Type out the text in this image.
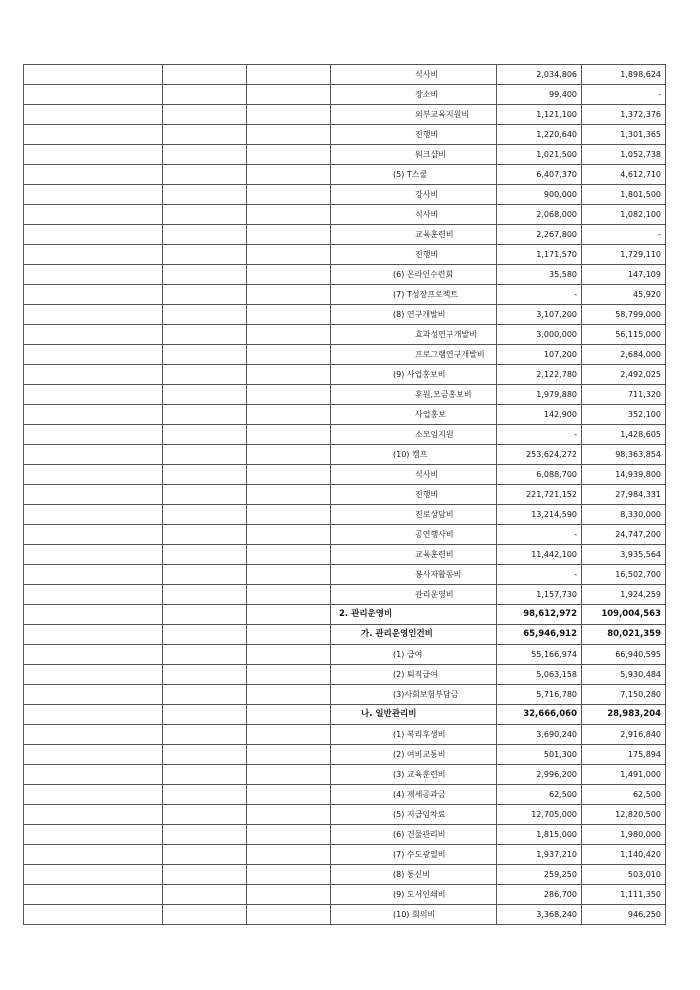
			식사비	2,034,806	1,898,624
			장소비	99,400	-
			외부교육지원비	1,121,100	1,372,376
			진행비	1,220,640	1,301,365
			워크샵비	1,021,500	1,052,738
			(5) T스쿨	6,407,370	4,612,710
			강사비	900,000	1,801,500
			식사비	2,068,000	1,082,100
			교육훈련비	2,267,800	-
			진행비	1,171,570	1,729,110
			(6) 온라인수련회	35,580	147,109
			(7) T성장프로젝트	-	45,920
			(8) 연구개발비	3,107,200	58,799,000
			효과성연구개발비	3,000,000	56,115,000
			프로그램연구개발비	107,200	2,684,000
			(9) 사업홍보비	2,122,780	2,492,025
			후원,모금홍보비	1,979,880	711,320
			사업홍보	142,900	352,100
			소모임지원	-	1,428,605
			(10) 캠프	253,624,272	98,363,854
			식사비	6,088,700	14,939,800
			진행비	221,721,152	27,984,331
			진로상담비	13,214,590	8,330,000
			공연행사비	-	24,747,200
			교육훈련비	11,442,100	3,935,564
			봉사자활동비	-	16,502,700
			관리운영비	1,157,730	1,924,259
			2. 관리운영비	98,612,972	109,004,563
			가. 관리운영인건비	65,946,912	80,021,359
			(1) 급여	55,166,974	66,940,595
			(2) 퇴직급여	5,063,158	5,930,484
			(3)사회보험부담금	5,716,780	7,150,280
			나. 일반관리비	32,666,060	28,983,204
			(1) 복리후생비	3,690,240	2,916,840
			(2) 여비교통비	501,300	175,894
			(3) 교육훈련비	2,996,200	1,491,000
			(4) 제세공과금	62,500	62,500
			(5) 지급임차료	12,705,000	12,820,500
			(6) 건물관리비	1,815,000	1,980,000
			(7) 수도광열비	1,937,210	1,140,420
			(8) 통신비	259,250	503,010
			(9) 도서인쇄비	286,700	1,111,350
			(10) 회의비	3,368,240	946,250
